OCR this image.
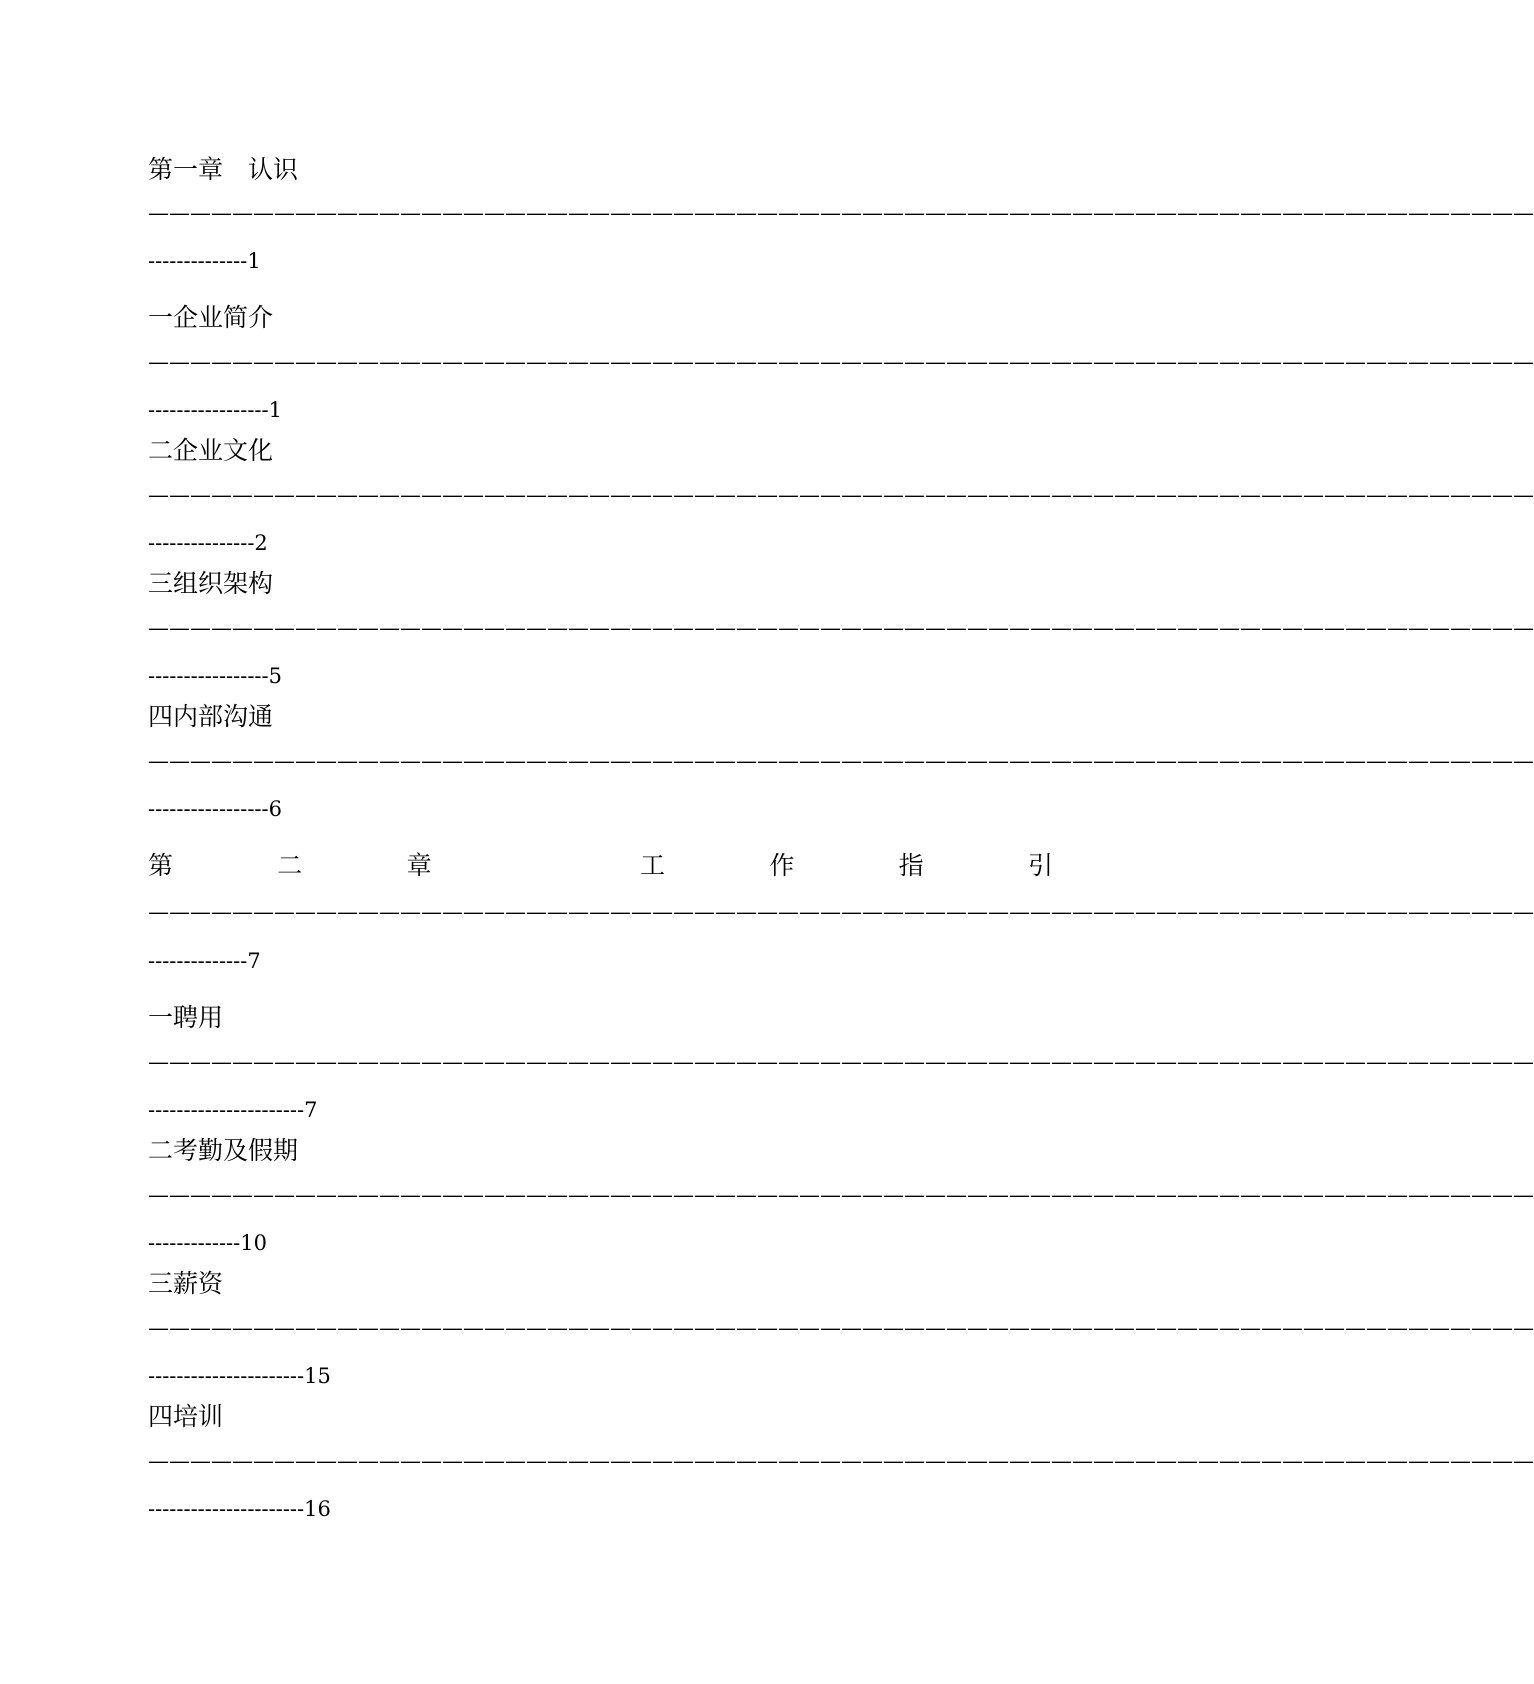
第一章　认识
——————————————————————————————————————————————————————————————————
--------------1
一企业简介
——————————————————————————————————————————————————————————————————
-----------------1
二企业文化
——————————————————————————————————————————————————————————————————
---------------2
三组织架构
——————————————————————————————————————————————————————————————————
-----------------5
四内部沟通
——————————————————————————————————————————————————————————————————
-----------------6
第	二	章	工	作	指	引
——————————————————————————————————————————————————————————————————
--------------7
一聘用
——————————————————————————————————————————————————————————————————
----------------------7
二考勤及假期
——————————————————————————————————————————————————————————————————
-------------10
三薪资
——————————————————————————————————————————————————————————————————
----------------------15
四培训
——————————————————————————————————————————————————————————————————
----------------------16
